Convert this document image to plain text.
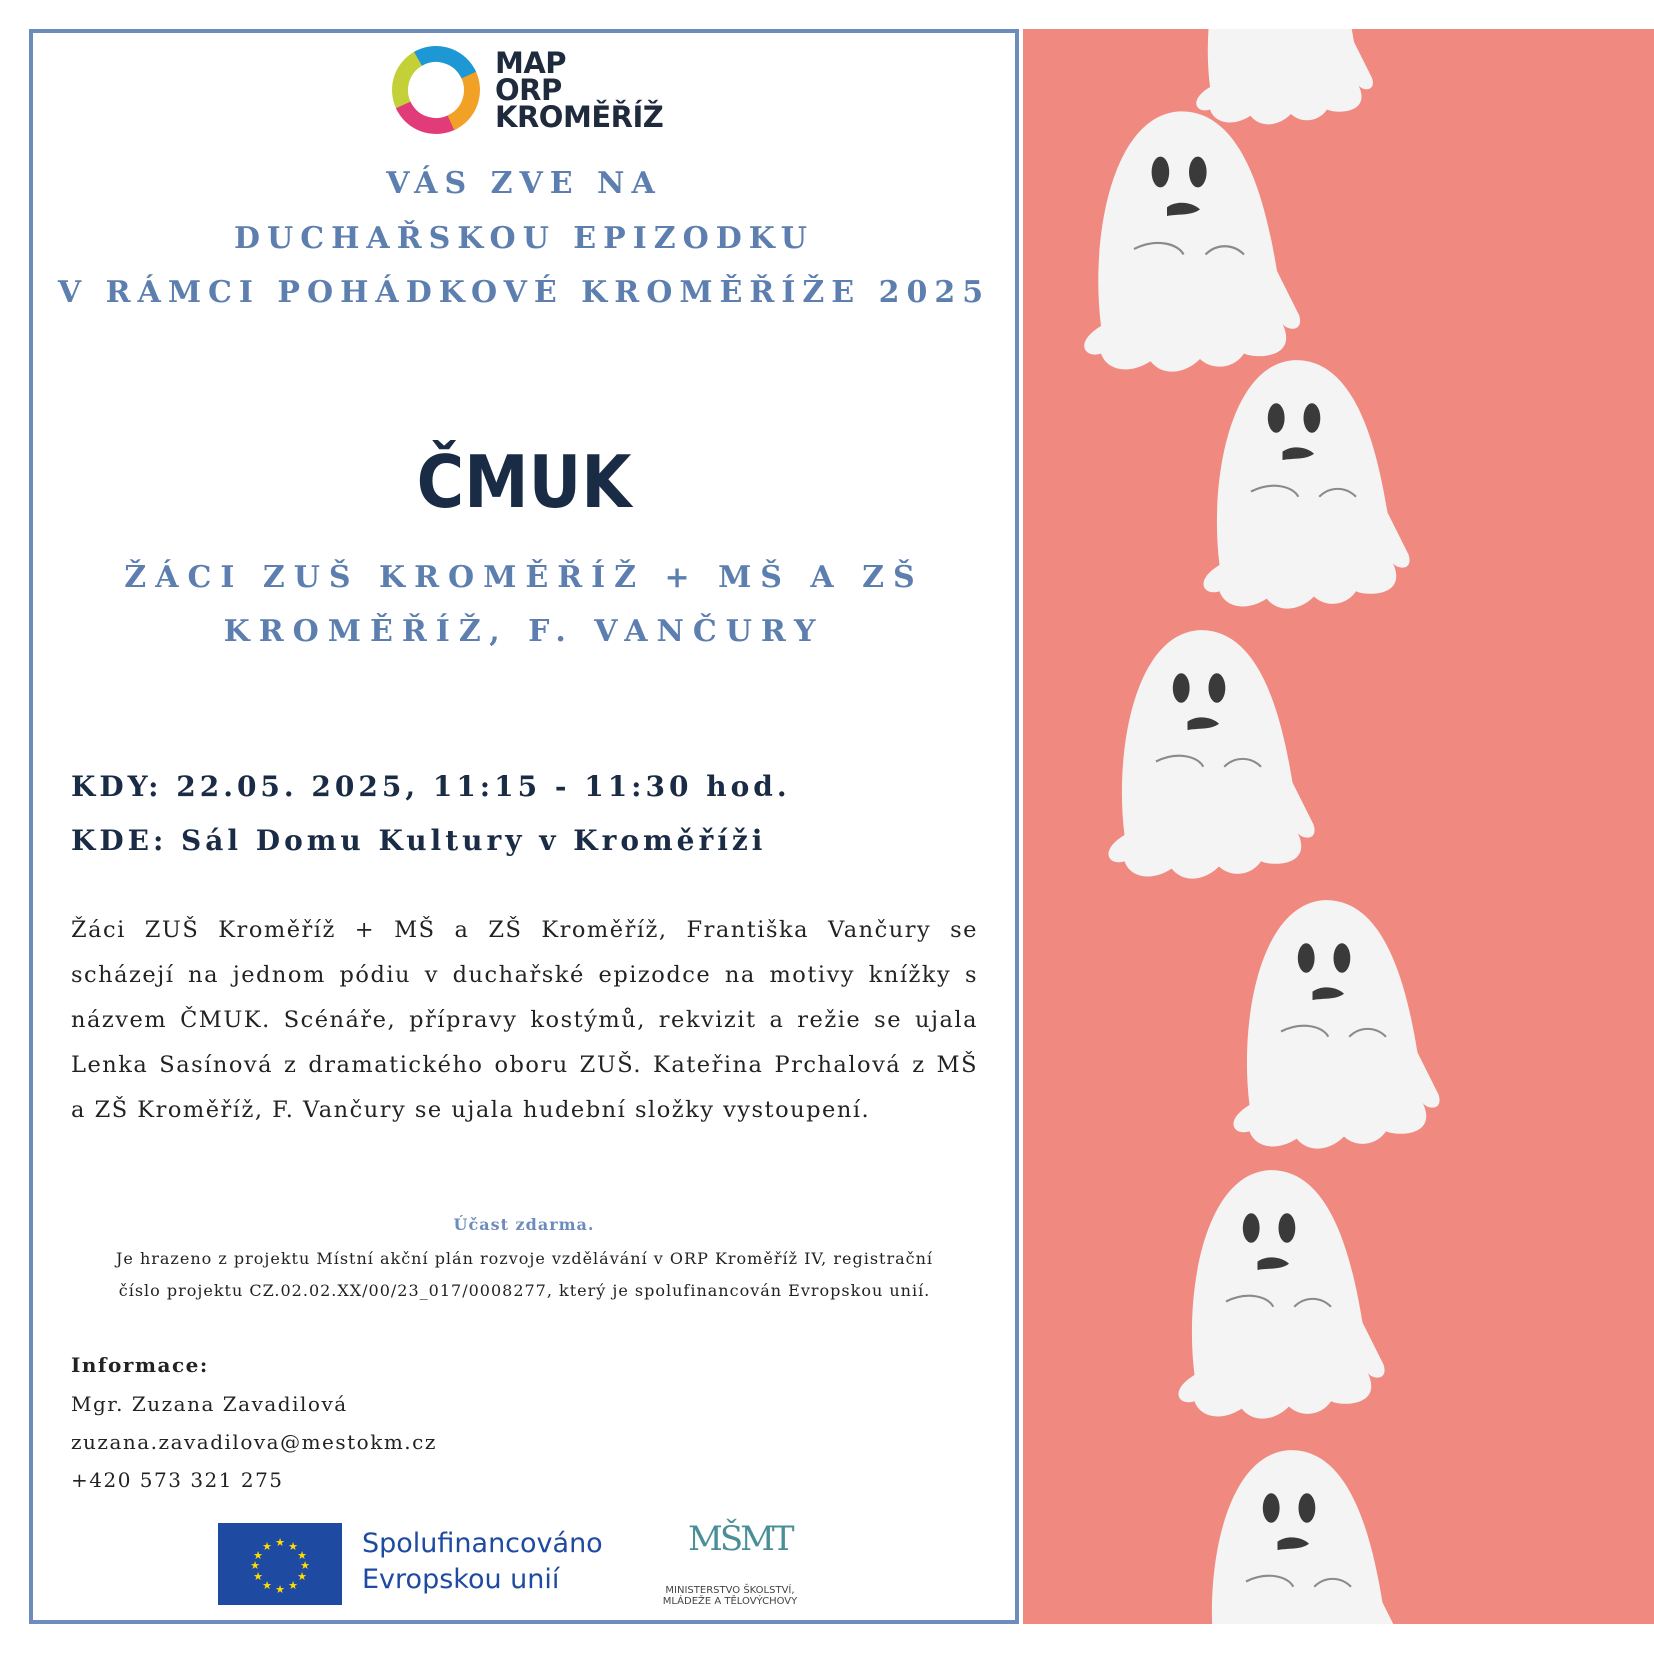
MAP
ORP
KROMĚŘÍŽ
VÁS ZVE NA
DUCHAŘSKOU EPIZODKU
V RÁMCI POHÁDKOVÉ KROMĚŘÍŽE 2025
ČMUK
ŽÁCI ZUŠ KROMĚŘÍŽ + MŠ A ZŠ
KROMĚŘÍŽ, F. VANČURY
KDY: 22.05. 2025, 11:15 - 11:30 hod.
KDE: Sál Domu Kultury v Kroměříži
Žáci ZUŠ Kroměříž + MŠ a ZŠ Kroměříž, Františka Vančury se scházejí na jednom pódiu v duchařské epizodce na motivy knížky s názvem ČMUK. Scénáře, přípravy kostýmů, rekvizit a režie se ujala Lenka Sasínová z dramatického oboru ZUŠ. Kateřina Prchalová z MŠ a ZŠ Kroměříž, F. Vančury se ujala hudební složky vystoupení.
Účast zdarma.
Je hrazeno z projektu Místní akční plán rozvoje vzdělávání v ORP Kroměříž IV, registrační
číslo projektu CZ.02.02.XX/00/23_017/0008277, který je spolufinancován Evropskou unií.
Informace:
Mgr. Zuzana Zavadilová
zuzana.zavadilova@mestokm.cz
+420 573 321 275
★ ★
★
★
★
★
★
★
★
★
★
★	Spolufinancováno
Evropskou unií
MŠMT
MINISTERSTVO ŠKOLSTVÍ,
MLÁDEŽE A TĚLOVÝCHOVY
